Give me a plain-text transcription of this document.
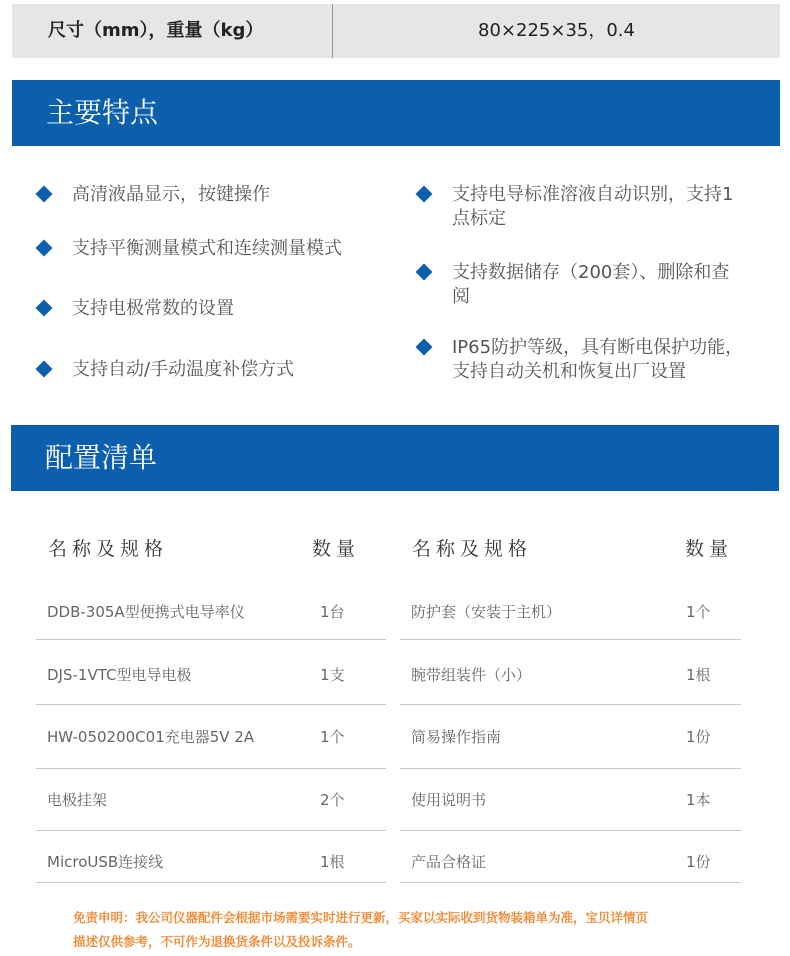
尺寸（mm），重量（kg）	80×225×35，0.4
主要特点
高清液晶显示，按键操作
支持平衡测量模式和连续测量模式
支持电极常数的设置
支持自动/手动温度补偿方式
支持电导标准溶液自动识别，支持1
点标定
支持数据储存（200套）、删除和查
阅
IP65防护等级，具有断电保护功能，
支持自动关机和恢复出厂设置
配置清单
名称及规格	数量	名称及规格	数量
DDB-305A型便携式电导率仪	1台	防护套（安装于主机）	1个
DJS-1VTC型电导电极	1支	腕带组装件（小）	1根
HW-050200C01充电器5V 2A	1个	简易操作指南	1份
电极挂架	2个	使用说明书	1本
MicroUSB连接线	1根	产品合格证	1份
免责申明：我公司仪器配件会根据市场需要实时进行更新，买家以实际收到货物装箱单为准，宝贝详情页
描述仅供参考，不可作为退换货条件以及投诉条件。
